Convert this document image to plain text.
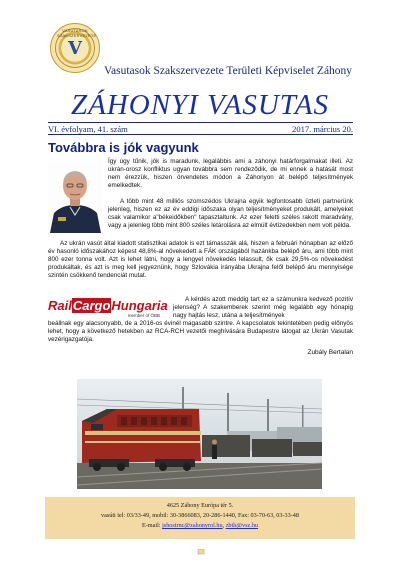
VASUTASOK SZAKSZERVEZETE
V
Vasutasok Szakszervezete Területi Képviselet Záhony
ZÁHONYI VASUTAS
VI. évfolyam, 41. szám	2017. március 20.
Továbbra is jók vagyunk
Így úgy tűnik, jók is maradunk, legalábbis ami a záhonyi határforgalmakat illeti. Az ukrán-orosz konfliktus ugyan továbbra sem rendeződik, de mi ennek a hatását most nem érezzük, hiszen örvendetes módon a Záhonyon át belépő teljesítmények emelkedtek.
A több mint 48 milliós szomszédos Ukrajna egyik legfontosabb üzleti partnerünk jelenleg, hiszen ez az év eddigi időszaka olyan teljesítményeket produkált, amelyeket csak valamikor a"békeidőkben" tapasztaltunk. Az ezer feletti széles rakott maradvány, vagy a jelenleg több mint 800 széles letárolásra az elmúlt évtizedekben nem volt példa.
Az ukrán vasút által kiadott statisztikai adatok is ezt támasszák alá, hiszen a februári hónapban az előző év hasonló időszakához képest 48,8%-al növekedett a FÁK országából hazánkba belépő áru, ami több mint 800 ezer tonna volt. Azt is lehet látni, hogy a lengyel növekedés lelassult, ők csak 29,5%-os növekedést produkáltak, és azt is meg kell jegyeznünk, hogy Szlovákia irányába Ukrajna felől belépő áru mennyisége szintén csökkenő tendenciát mutat.
RailCargoHungaria
member of ÖBB
A kérdés azott meddig tart ez a számunkra kedvező pozitív jelenség? A szakemberek szerint még legalább egy hónapig nagy hajtás lesz, utána a teljesítmények
beállnak egy alacsonyabb, de a 2016-os évinél magasabb szintre. A kapcsolatok tekintetében pedig előnyös lehet, hogy a következő hetekben az RCA-RCH vezetői meghívására Budapestre látogat az Ukrán Vasutak vezérigazgatója.
Zubály Bertalan
4625 Záhony Európa tér 5.
vasúti tel: 03/33-49, mobil: 30-3866083, 20-286-1440, Fax: 03-70-63, 03-33-48
E-mail: jshostrnc@zahonyrol.hu, zbth@vsz.hu
